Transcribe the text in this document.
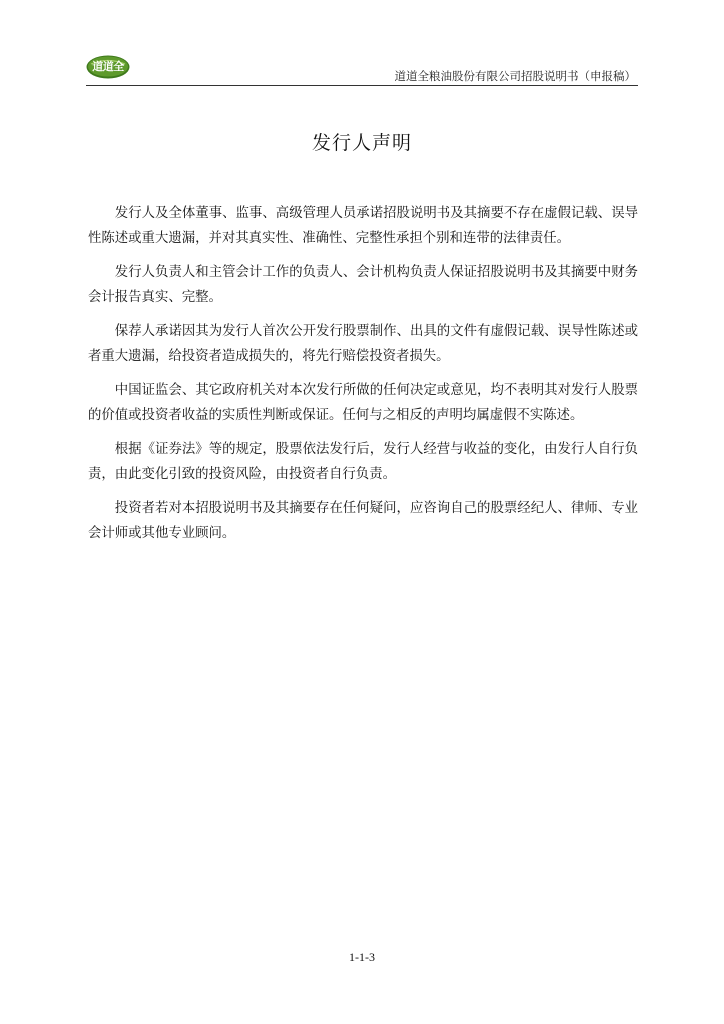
道道全
道道全粮油股份有限公司招股说明书（申报稿）
发行人声明

发行人及全体董事、监事、高级管理人员承诺招股说明书及其摘要不存在虚假记载、误导性陈述或重大遗漏，并对其真实性、准确性、完整性承担个别和连带的法律责任。

发行人负责人和主管会计工作的负责人、会计机构负责人保证招股说明书及其摘要中财务会计报告真实、完整。

保荐人承诺因其为发行人首次公开发行股票制作、出具的文件有虚假记载、误导性陈述或者重大遗漏，给投资者造成损失的，将先行赔偿投资者损失。

中国证监会、其它政府机关对本次发行所做的任何决定或意见，均不表明其对发行人股票的价值或投资者收益的实质性判断或保证。任何与之相反的声明均属虚假不实陈述。

根据《证券法》等的规定，股票依法发行后，发行人经营与收益的变化，由发行人自行负责，由此变化引致的投资风险，由投资者自行负责。

投资者若对本招股说明书及其摘要存在任何疑问，应咨询自己的股票经纪人、律师、专业会计师或其他专业顾问。

1-1-3
